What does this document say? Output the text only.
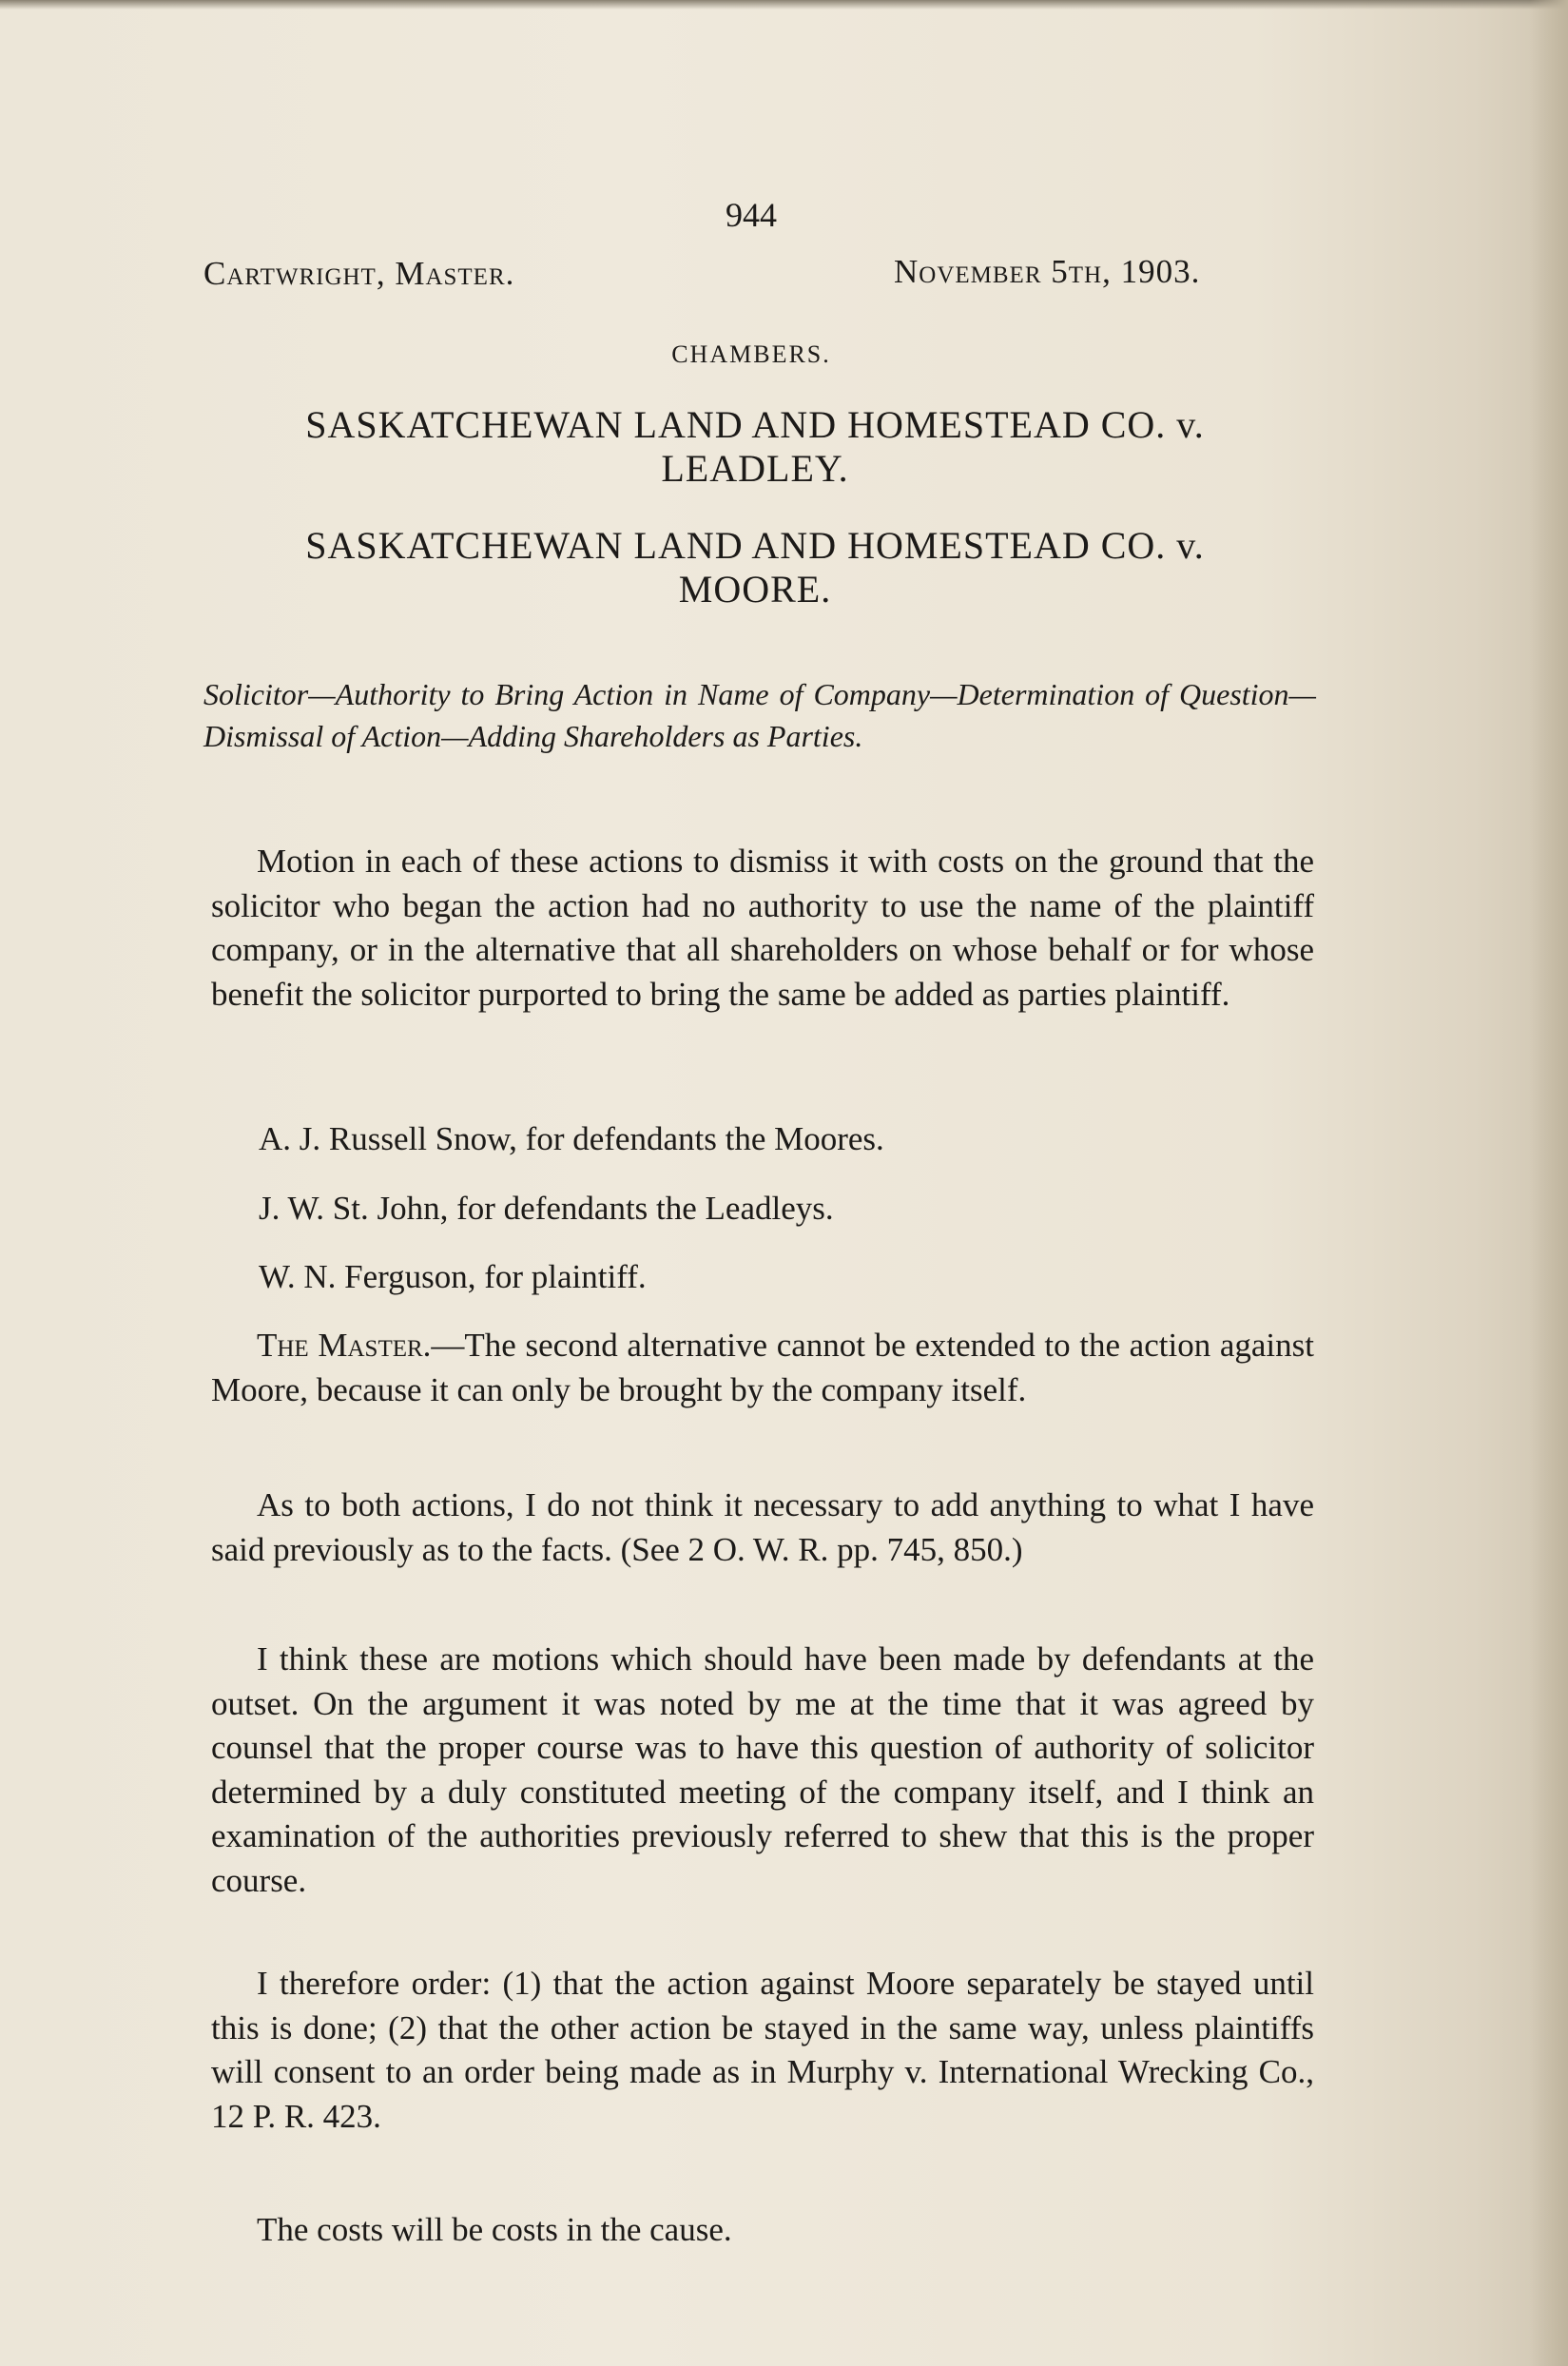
944
Cartwright, Master.	November 5th, 1903.
CHAMBERS.
SASKATCHEWAN LAND AND HOMESTEAD CO. v.
LEADLEY.
SASKATCHEWAN LAND AND HOMESTEAD CO. v.
MOORE.
Solicitor—Authority to Bring Action in Name of Company—Determination of Question—Dismissal of Action—Adding Shareholders as Parties.
Motion in each of these actions to dismiss it with costs on the ground that the solicitor who began the action had no authority to use the name of the plaintiff company, or in the alternative that all shareholders on whose behalf or for whose benefit the solicitor purported to bring the same be added as parties plaintiff.
A. J. Russell Snow, for defendants the Moores.
J. W. St. John, for defendants the Leadleys.
W. N. Ferguson, for plaintiff.
The Master.—The second alternative cannot be extended to the action against Moore, because it can only be brought by the company itself.
As to both actions, I do not think it necessary to add anything to what I have said previously as to the facts. (See 2 O. W. R. pp. 745, 850.)
I think these are motions which should have been made by defendants at the outset. On the argument it was noted by me at the time that it was agreed by counsel that the proper course was to have this question of authority of solicitor determined by a duly constituted meeting of the company itself, and I think an examination of the authorities previously referred to shew that this is the proper course.
I therefore order: (1) that the action against Moore separately be stayed until this is done; (2) that the other action be stayed in the same way, unless plaintiffs will consent to an order being made as in Murphy v. International Wrecking Co., 12 P. R. 423.
The costs will be costs in the cause.
